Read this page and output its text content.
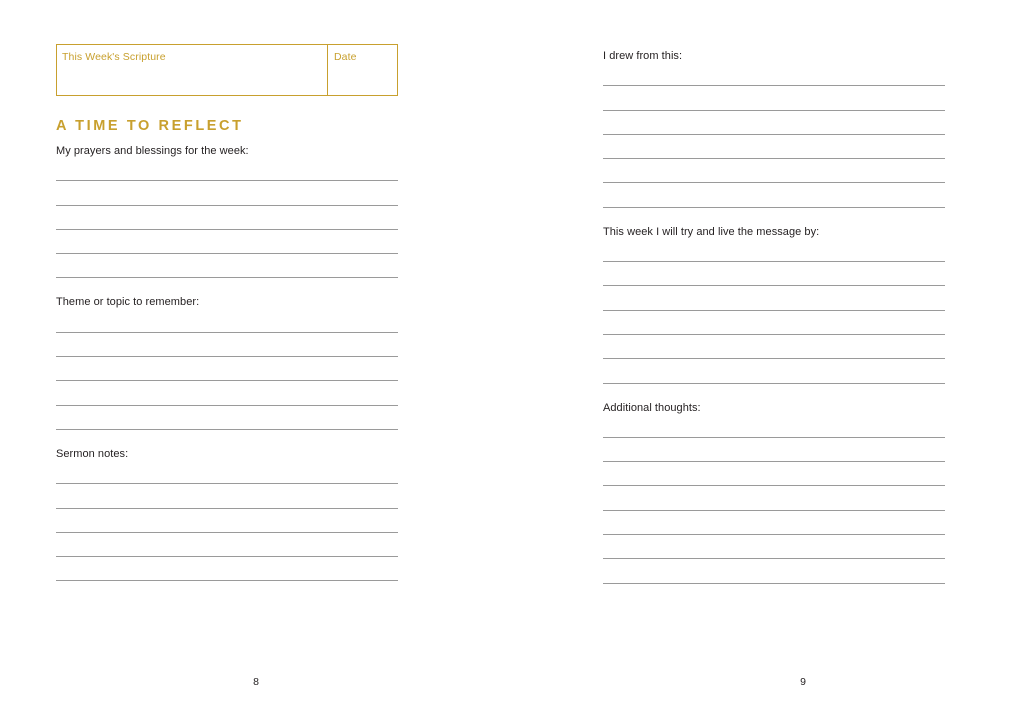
This Week's Scripture	Date
A TIME TO REFLECT
My prayers and blessings for the week:
Theme or topic to remember:
Sermon notes:
8
I drew from this:
This week I will try and live the message by:
Additional thoughts:
9
